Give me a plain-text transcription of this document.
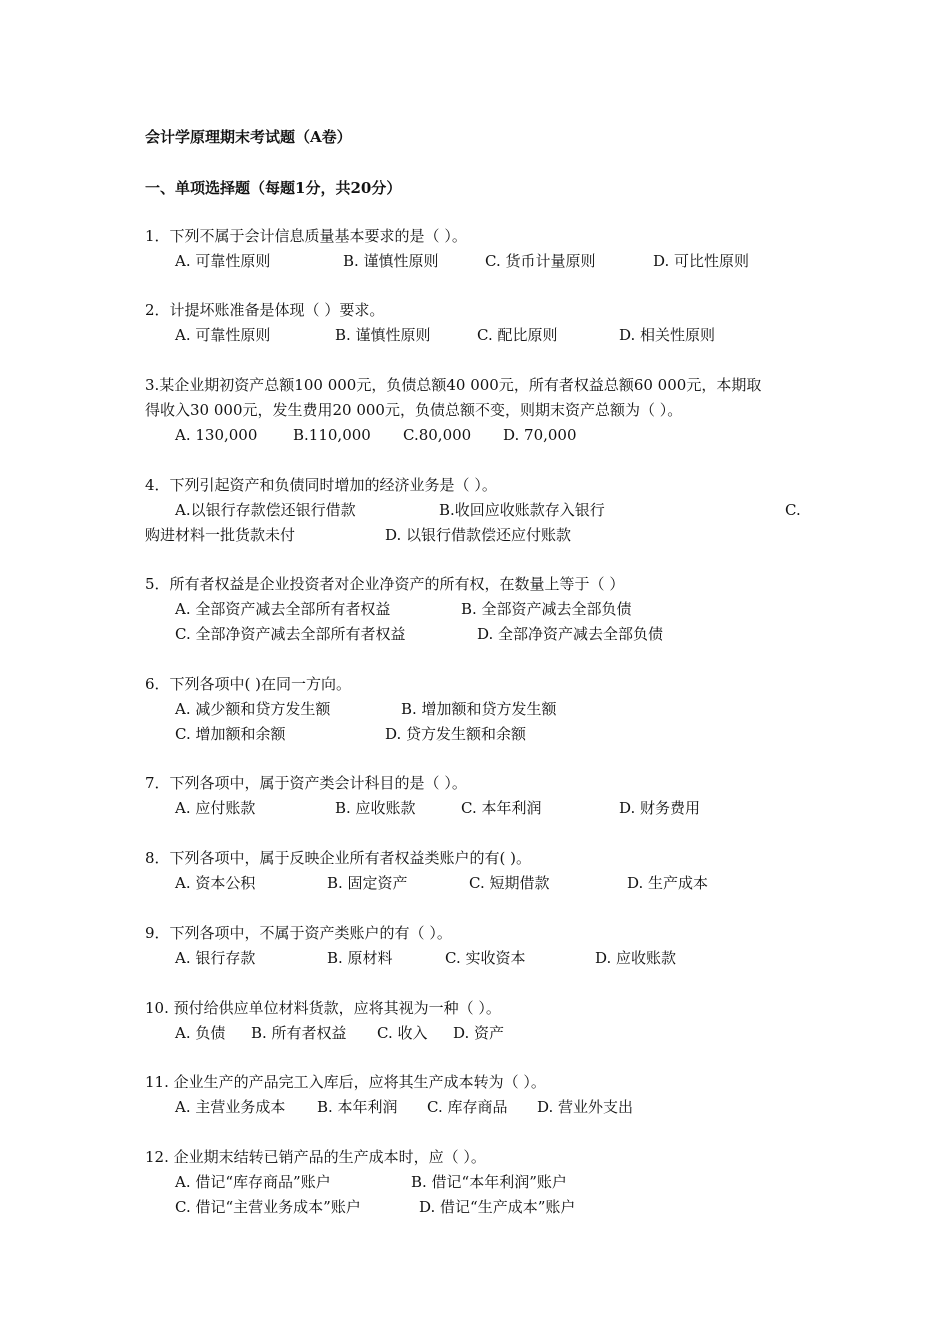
会计学原理期末考试题（A卷）
一、单项选择题（每题1分，共20分）
1．下列不属于会计信息质量基本要求的是（ ）。
A. 可靠性原则	B. 谨慎性原则	C. 货币计量原则	D. 可比性原则
2．计提坏账准备是体现（ ）要求。
A. 可靠性原则	B. 谨慎性原则	C. 配比原则	D. 相关性原则
3.某企业期初资产总额100 000元，负债总额40 000元，所有者权益总额60 000元，本期取
得收入30 000元，发生费用20 000元，负债总额不变，则期末资产总额为（ ）。
A. 130,000 B.110,000 C.80,000 D. 70,000
4．下列引起资产和负债同时增加的经济业务是（ ）。
A.以银行存款偿还银行借款	B.收回应收账款存入银行	C.
购进材料一批货款未付	D. 以银行借款偿还应付账款
5．所有者权益是企业投资者对企业净资产的所有权，在数量上等于（ ）
A. 全部资产减去全部所有者权益	B. 全部资产减去全部负债
C. 全部净资产减去全部所有者权益	D. 全部净资产减去全部负债
6．下列各项中( )在同一方向。
A. 减少额和贷方发生额	B. 增加额和贷方发生额
C. 增加额和余额	D. 贷方发生额和余额
7．下列各项中，属于资产类会计科目的是（ ）。
A. 应付账款	B. 应收账款	C. 本年利润	D. 财务费用
8．下列各项中，属于反映企业所有者权益类账户的有( )。
A. 资本公积	B. 固定资产	C. 短期借款	D. 生产成本
9．下列各项中，不属于资产类账户的有（ ）。
A. 银行存款	B. 原材料	C. 实收资本	D. 应收账款
10. 预付给供应单位材料货款，应将其视为一种（ ）。
A. 负债 B. 所有者权益 C. 收入 D. 资产
11. 企业生产的产品完工入库后，应将其生产成本转为（ ）。
A. 主营业务成本 B. 本年利润 C. 库存商品 D. 营业外支出
12. 企业期末结转已销产品的生产成本时，应（ ）。
A. 借记“库存商品”账户	B. 借记“本年利润”账户
C. 借记“主营业务成本”账户	D. 借记“生产成本”账户
